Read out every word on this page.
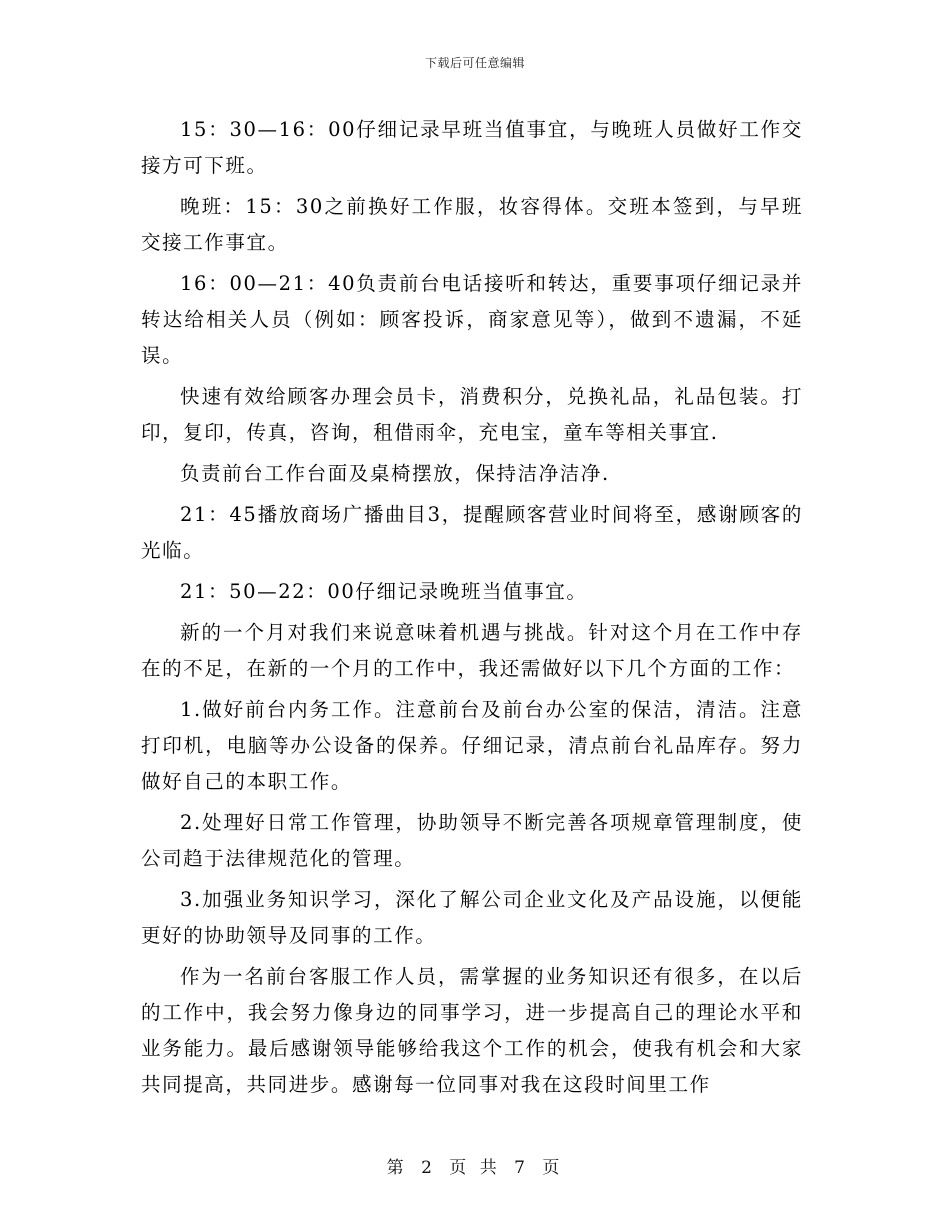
下载后可任意编辑

15：30—16：00仔细记录早班当值事宜，与晚班人员做好工作交接方可下班。

晚班：15：30之前换好工作服，妆容得体。交班本签到，与早班交接工作事宜。

16：00—21：40负责前台电话接听和转达，重要事项仔细记录并转达给相关人员（例如：顾客投诉，商家意见等），做到不遗漏，不延误。

快速有效给顾客办理会员卡，消费积分，兑换礼品，礼品包装。打印，复印，传真，咨询，租借雨伞，充电宝，童车等相关事宜.

负责前台工作台面及桌椅摆放，保持洁净洁净.

21：45播放商场广播曲目3，提醒顾客营业时间将至，感谢顾客的光临。

21：50—22：00仔细记录晚班当值事宜。

新的一个月对我们来说意味着机遇与挑战。针对这个月在工作中存在的不足，在新的一个月的工作中，我还需做好以下几个方面的工作：

1.做好前台内务工作。注意前台及前台办公室的保洁，清洁。注意打印机，电脑等办公设备的保养。仔细记录，清点前台礼品库存。努力做好自己的本职工作。

2.处理好日常工作管理，协助领导不断完善各项规章管理制度，使公司趋于法律规范化的管理。

3.加强业务知识学习，深化了解公司企业文化及产品设施，以便能更好的协助领导及同事的工作。

作为一名前台客服工作人员，需掌握的业务知识还有很多，在以后的工作中，我会努力像身边的同事学习，进一步提高自己的理论水平和业务能力。最后感谢领导能够给我这个工作的机会，使我有机会和大家共同提高，共同进步。感谢每一位同事对我在这段时间里工作

第 2 页 共 7 页
